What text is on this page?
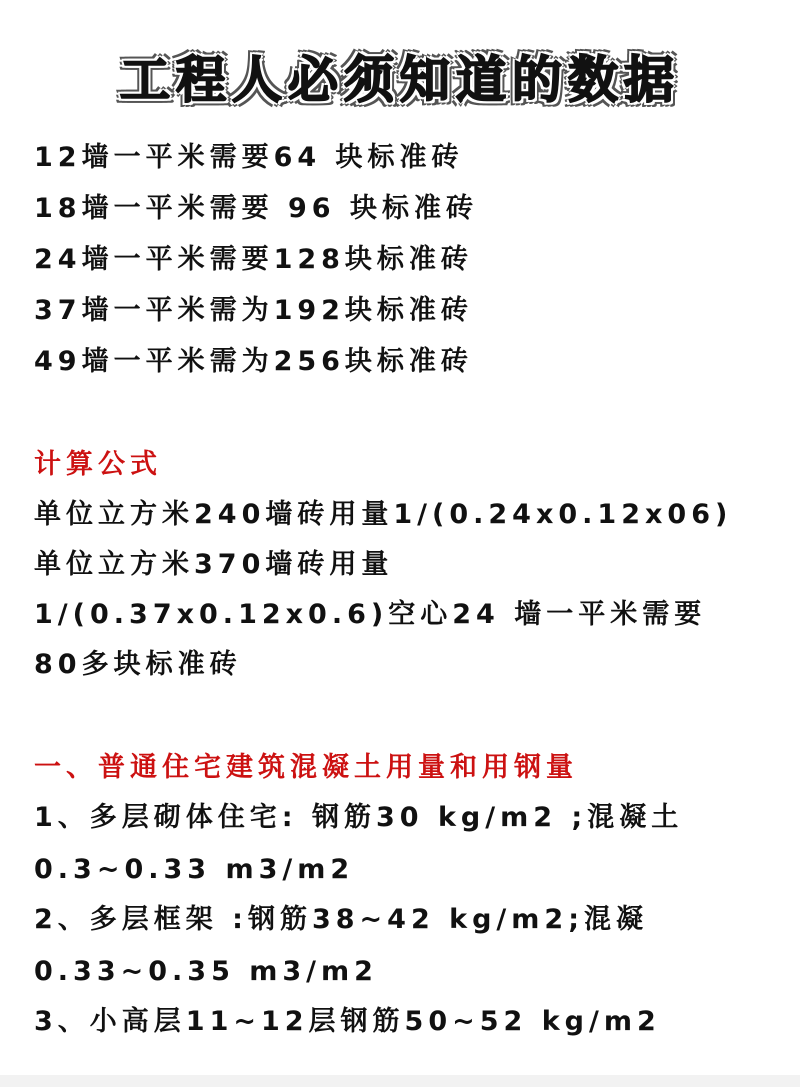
工程人必须知道的数据
12墙一平米需要64 块标准砖
18墙一平米需要 96 块标准砖
24墙一平米需要128块标准砖
37墙一平米需为192块标准砖
49墙一平米需为256块标准砖
计算公式
单位立方米240墙砖用量1/(0.24x0.12x06)
单位立方米370墙砖用量
1/(0.37x0.12x0.6)空心24 墙一平米需要
80多块标准砖
一、普通住宅建筑混凝土用量和用钢量
1、多层砌体住宅: 钢筋30 kg/m2 ;混凝土
0.3~0.33 m3/m2
2、多层框架 :钢筋38~42 kg/m2;混凝
0.33~0.35 m3/m2
3、小高层11~12层钢筋50~52 kg/m2
